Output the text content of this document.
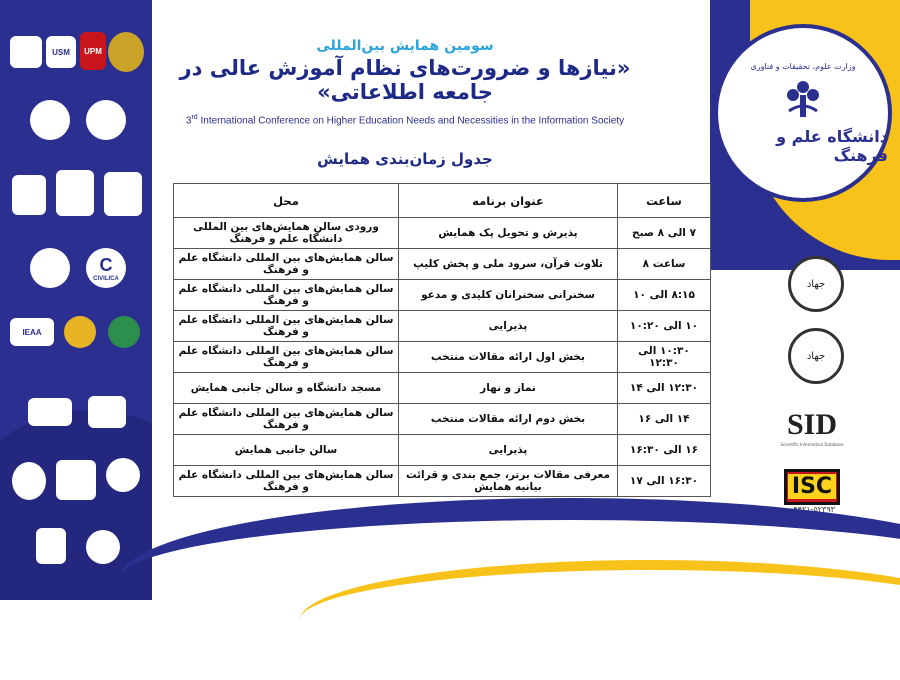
USM UPM
C
CIVILICA
IEAA
وزارت علوم، تحقیقات و فناوری
دانشگاه علم و فرهنگ
جهاد
جهاد
SID
Scientific Information Database
ISC
۰۴۴۲۱-۵۲۳۹۳
سومین همایش بین‌المللی
«نیازها و ضرورت‌های نظام آموزش عالی در جامعه اطلاعاتی»
3rd International Conference on Higher Education Needs and Necessities in the Information Society
جدول زمان‌بندی همایش
ساعت	عنوان برنامه	محل
۷ الی ۸ صبح	پذیرش و تحویل پک همایش	ورودی سالن همایش‌های بین المللی دانشگاه علم و فرهنگ
ساعت ۸	تلاوت قرآن، سرود ملی و پخش کلیپ	سالن همایش‌های بین المللی دانشگاه علم و فرهنگ
۸:۱۵ الی ۱۰	سخنرانی سخنرانان کلیدی و مدعو	سالن همایش‌های بین المللی دانشگاه علم و فرهنگ
۱۰ الی ۱۰:۲۰	پذیرایی	سالن همایش‌های بین المللی دانشگاه علم و فرهنگ
۱۰:۳۰ الی ۱۲:۳۰	بخش اول ارائه مقالات منتخب	سالن همایش‌های بین المللی دانشگاه علم و فرهنگ
۱۲:۳۰ الی ۱۴	نماز و نهار	مسجد دانشگاه و سالن جانبی همایش
۱۴ الی ۱۶	بخش دوم ارائه مقالات منتخب	سالن همایش‌های بین المللی دانشگاه علم و فرهنگ
۱۶ الی ۱۶:۳۰	پذیرایی	سالن جانبی همایش
۱۶:۳۰ الی ۱۷	معرفی مقالات برتر، جمع بندی و قرائت بیانیه همایش	سالن همایش‌های بین المللی دانشگاه علم و فرهنگ
